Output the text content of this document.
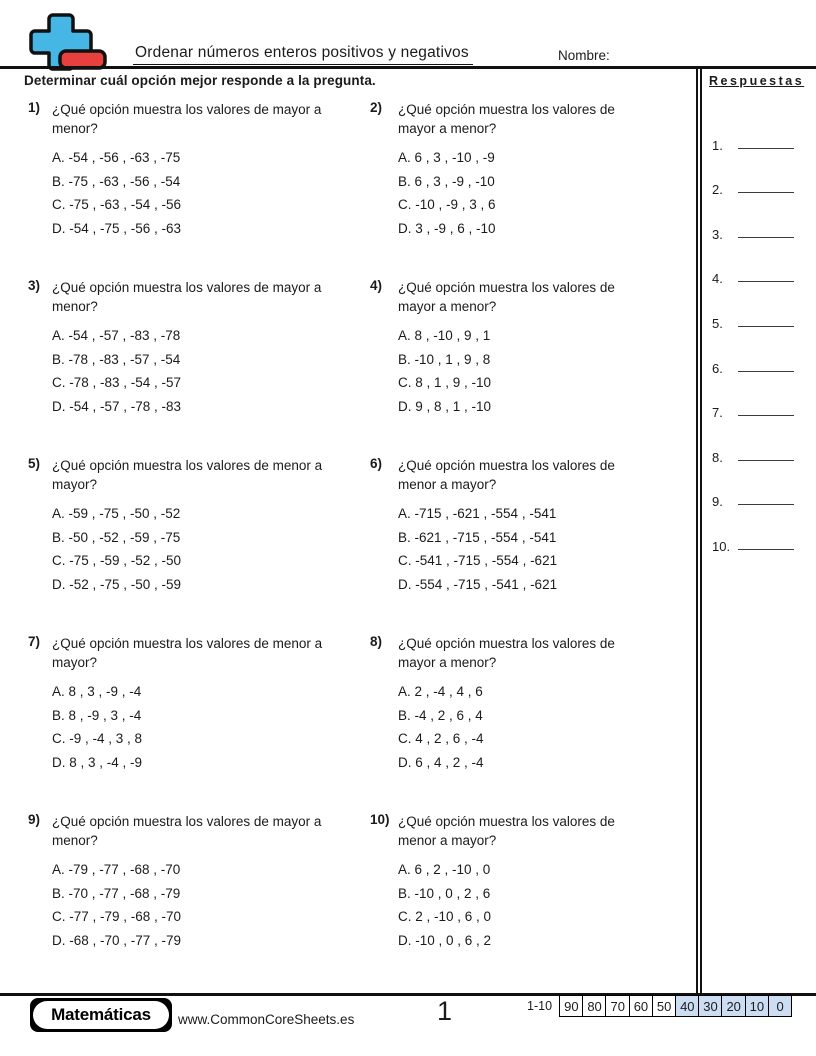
Ordenar números enteros positivos y negativos	Nombre:
Determinar cuál opción mejor responde a la pregunta.
1) ¿Qué opción muestra los valores de mayor a menor?
A. -54 , -56 , -63 , -75
B. -75 , -63 , -56 , -54
C. -75 , -63 , -54 , -56
D. -54 , -75 , -56 , -63
2)	¿Qué opción muestra los valores de mayor a menor?
A. 6 , 3 , -10 , -9
B. 6 , 3 , -9 , -10
C. -10 , -9 , 3 , 6
D. 3 , -9 , 6 , -10
3) ¿Qué opción muestra los valores de mayor a menor?
A. -54 , -57 , -83 , -78
B. -78 , -83 , -57 , -54
C. -78 , -83 , -54 , -57
D. -54 , -57 , -78 , -83
4)	¿Qué opción muestra los valores de mayor a menor?
A. 8 , -10 , 9 , 1
B. -10 , 1 , 9 , 8
C. 8 , 1 , 9 , -10
D. 9 , 8 , 1 , -10
5) ¿Qué opción muestra los valores de menor a mayor?
A. -59 , -75 , -50 , -52
B. -50 , -52 , -59 , -75
C. -75 , -59 , -52 , -50
D. -52 , -75 , -50 , -59
6)	¿Qué opción muestra los valores de menor a mayor?
A. -715 , -621 , -554 , -541
B. -621 , -715 , -554 , -541
C. -541 , -715 , -554 , -621
D. -554 , -715 , -541 , -621
7) ¿Qué opción muestra los valores de menor a mayor?
A. 8 , 3 , -9 , -4
B. 8 , -9 , 3 , -4
C. -9 , -4 , 3 , 8
D. 8 , 3 , -4 , -9
8)	¿Qué opción muestra los valores de mayor a menor?
A. 2 , -4 , 4 , 6
B. -4 , 2 , 6 , 4
C. 4 , 2 , 6 , -4
D. 6 , 4 , 2 , -4
9) ¿Qué opción muestra los valores de mayor a menor?
A. -79 , -77 , -68 , -70
B. -70 , -77 , -68 , -79
C. -77 , -79 , -68 , -70
D. -68 , -70 , -77 , -79
10) ¿Qué opción muestra los valores de menor a mayor?
A. 6 , 2 , -10 , 0
B. -10 , 0 , 2 , 6
C. 2 , -10 , 6 , 0
D. -10 , 0 , 6 , 2
Respuestas
1.
2.
3.
4.
5.
6.
7.
8.
9.
10.
Matemáticas	www.CommonCoreSheets.es	1	1-10 90 80 70 60 50 40 30 20 10 0
